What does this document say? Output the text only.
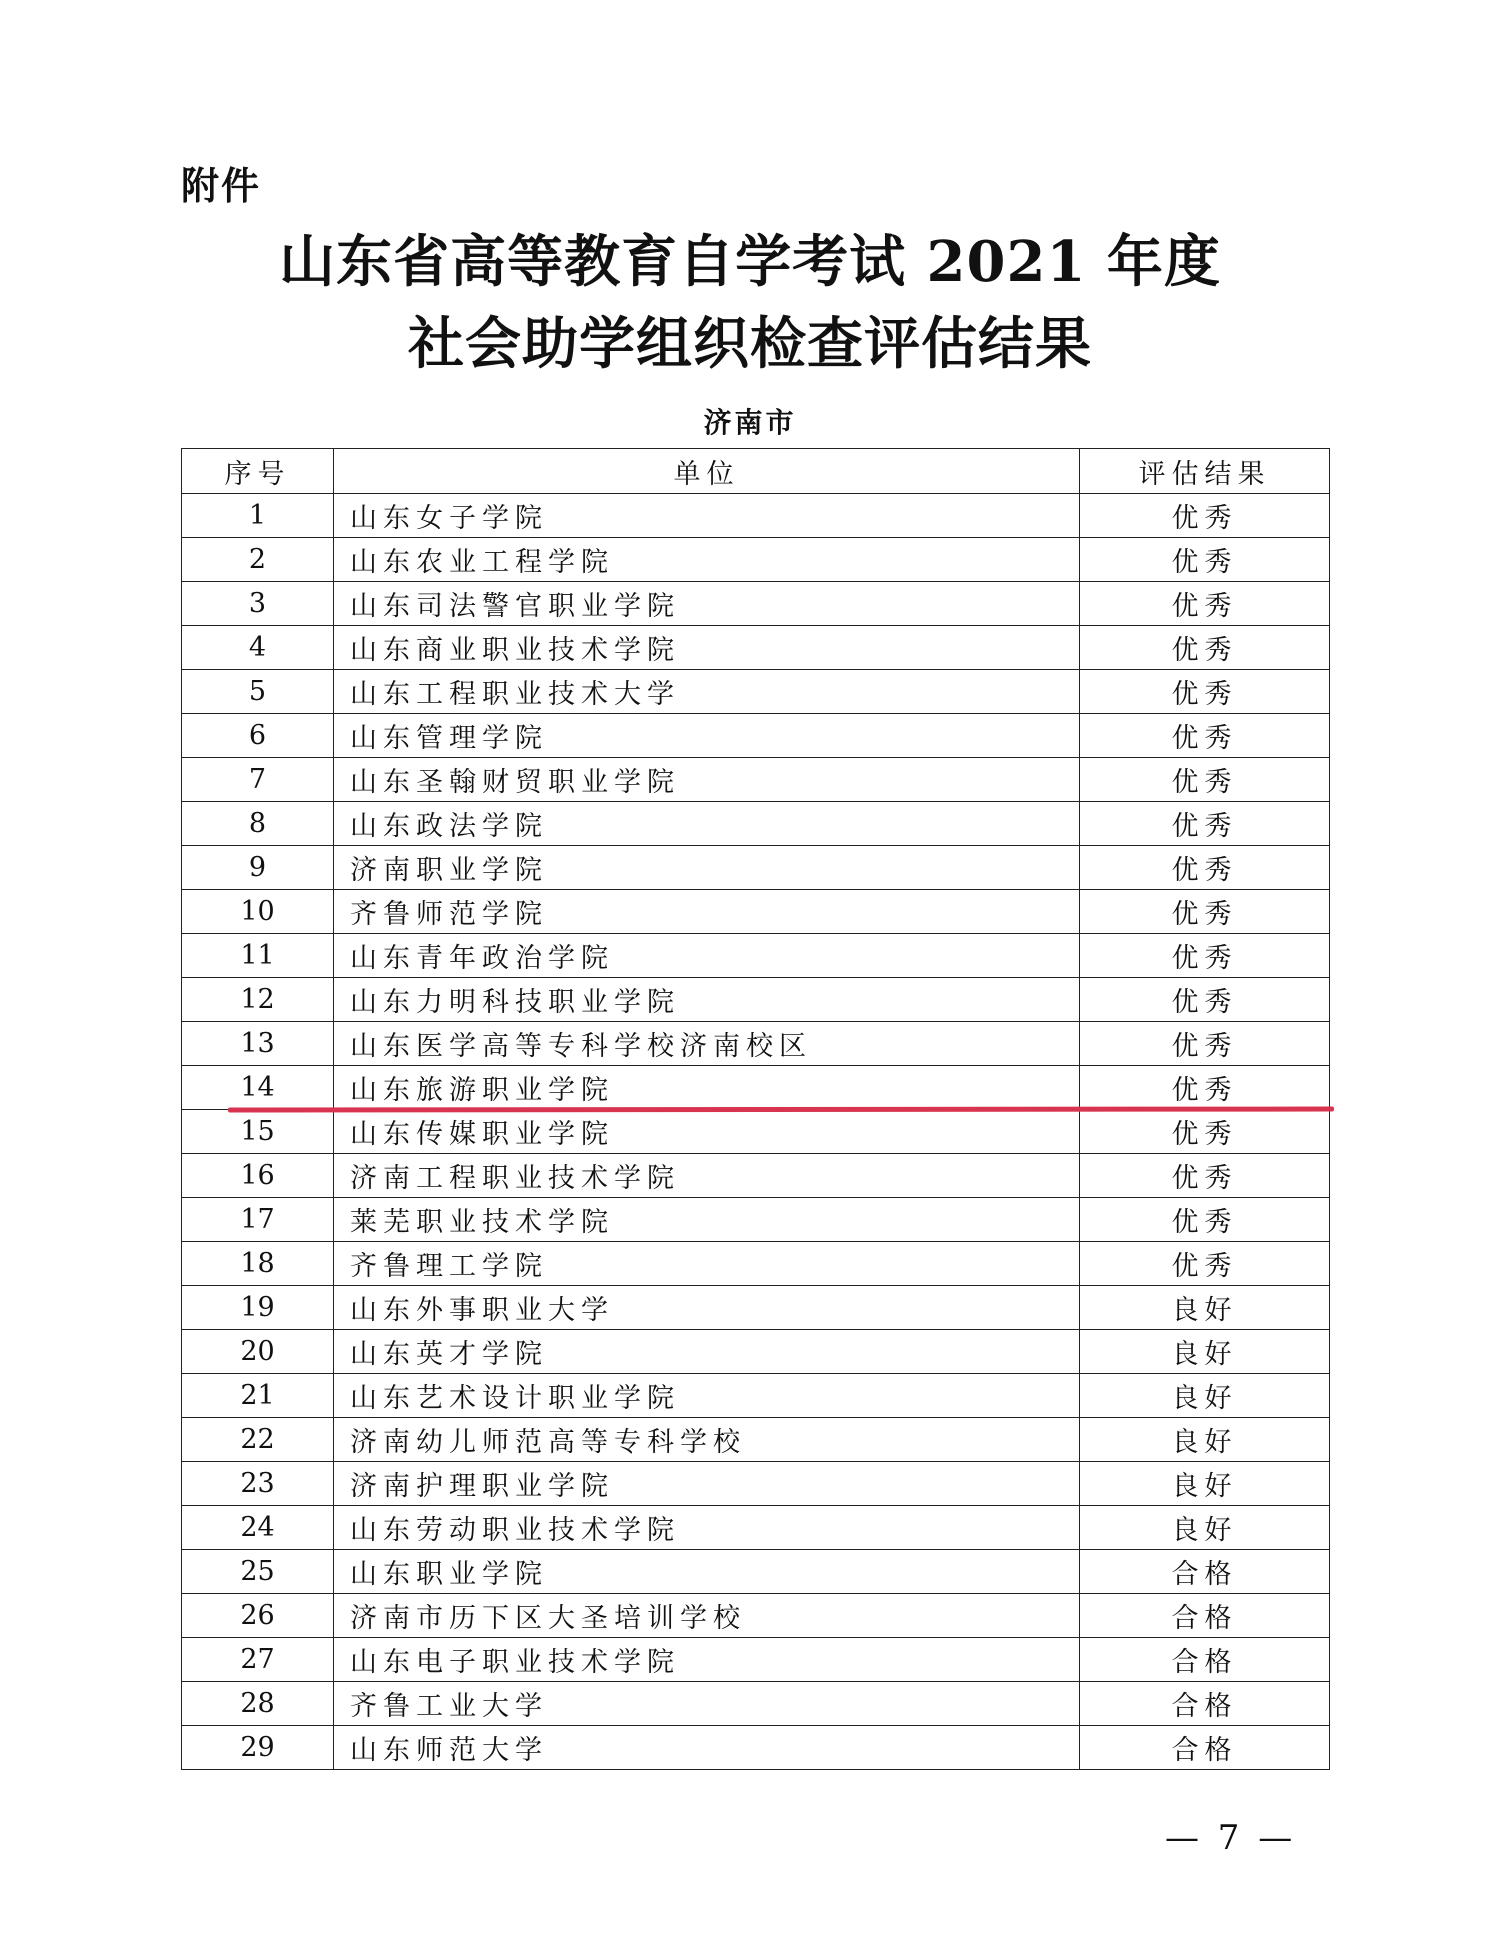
附件
山东省高等教育自学考试 2021 年度
社会助学组织检查评估结果
济南市
序号	单位	评估结果
1	山东女子学院	优秀
2	山东农业工程学院	优秀
3	山东司法警官职业学院	优秀
4	山东商业职业技术学院	优秀
5	山东工程职业技术大学	优秀
6	山东管理学院	优秀
7	山东圣翰财贸职业学院	优秀
8	山东政法学院	优秀
9	济南职业学院	优秀
10	齐鲁师范学院	优秀
11	山东青年政治学院	优秀
12	山东力明科技职业学院	优秀
13	山东医学高等专科学校济南校区	优秀
14	山东旅游职业学院	优秀
15	山东传媒职业学院	优秀
16	济南工程职业技术学院	优秀
17	莱芜职业技术学院	优秀
18	齐鲁理工学院	优秀
19	山东外事职业大学	良好
20	山东英才学院	良好
21	山东艺术设计职业学院	良好
22	济南幼儿师范高等专科学校	良好
23	济南护理职业学院	良好
24	山东劳动职业技术学院	良好
25	山东职业学院	合格
26	济南市历下区大圣培训学校	合格
27	山东电子职业技术学院	合格
28	齐鲁工业大学	合格
29	山东师范大学	合格
— 7 —
